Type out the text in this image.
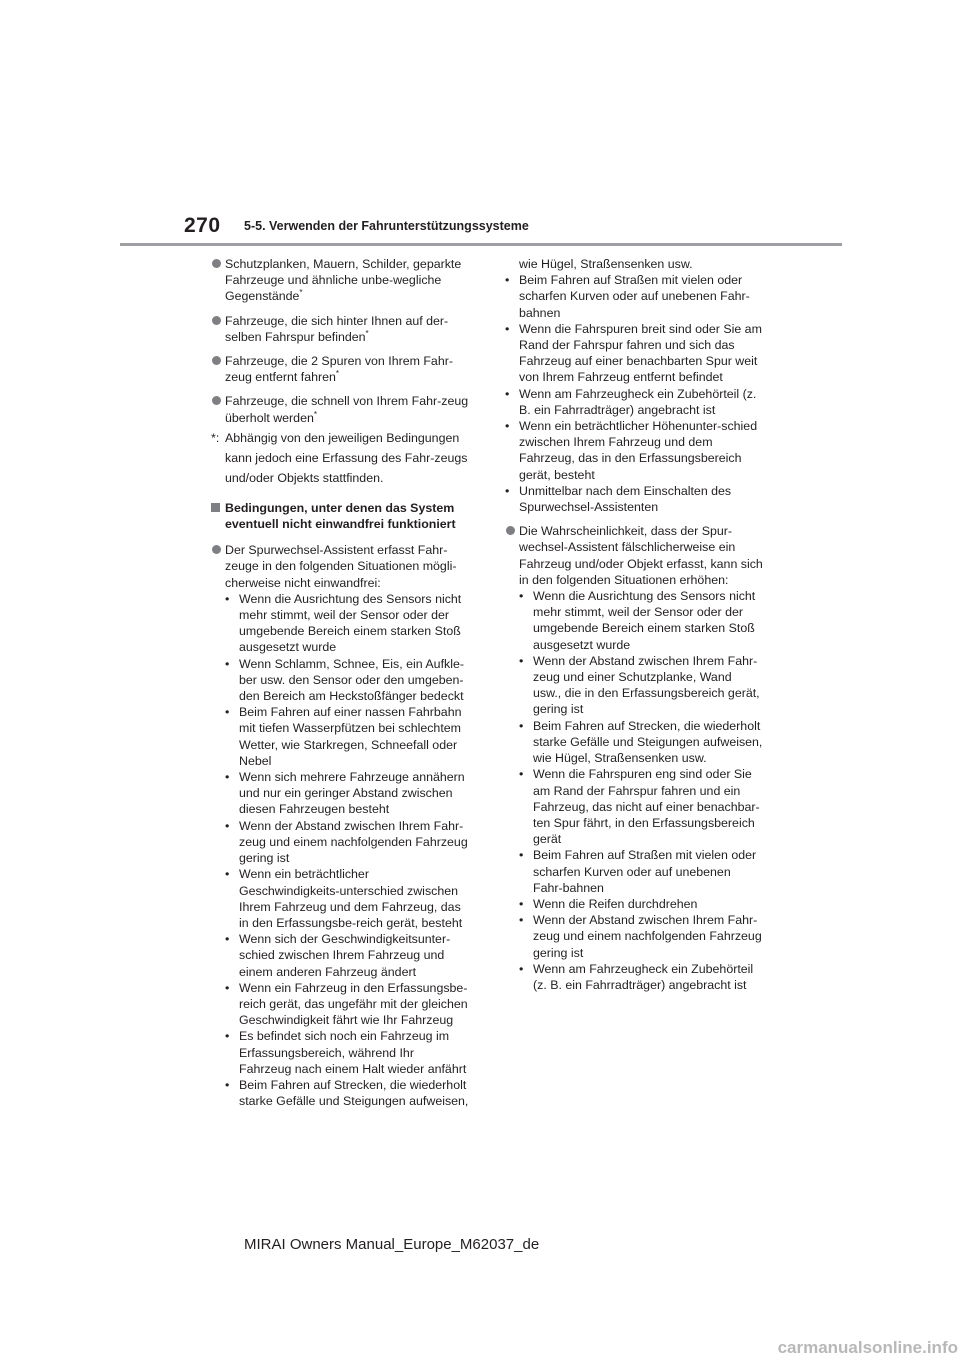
270 5-5. Verwenden der Fahrunterstützungssysteme
Schutzplanken, Mauern, Schilder, geparkte Fahrzeuge und ähnliche unbe-wegliche Gegenstände*
Fahrzeuge, die sich hinter Ihnen auf der-selben Fahrspur befinden*
Fahrzeuge, die 2 Spuren von Ihrem Fahr-zeug entfernt fahren*
Fahrzeuge, die schnell von Ihrem Fahr-zeug überholt werden*
*: Abhängig von den jeweiligen Bedingungen kann jedoch eine Erfassung des Fahr-zeugs und/oder Objekts stattfinden.
Bedingungen, unter denen das System eventuell nicht einwandfrei funktioniert
Der Spurwechsel-Assistent erfasst Fahr-zeuge in den folgenden Situationen mögli-cherweise nicht einwandfrei:
• Wenn die Ausrichtung des Sensors nicht mehr stimmt, weil der Sensor oder der umgebende Bereich einem starken Stoß ausgesetzt wurde
• Wenn Schlamm, Schnee, Eis, ein Aufkle-ber usw. den Sensor oder den umgeben-den Bereich am Heckstoßfänger bedeckt
• Beim Fahren auf einer nassen Fahrbahn mit tiefen Wasserpfützen bei schlechtem Wetter, wie Starkregen, Schneefall oder Nebel
• Wenn sich mehrere Fahrzeuge annähern und nur ein geringer Abstand zwischen diesen Fahrzeugen besteht
• Wenn der Abstand zwischen Ihrem Fahr-zeug und einem nachfolgenden Fahrzeug gering ist
• Wenn ein beträchtlicher Geschwindigkeits-unterschied zwischen Ihrem Fahrzeug und dem Fahrzeug, das in den Erfassungsbe-reich gerät, besteht
• Wenn sich der Geschwindigkeitsunter-schied zwischen Ihrem Fahrzeug und einem anderen Fahrzeug ändert
• Wenn ein Fahrzeug in den Erfassungsbe-reich gerät, das ungefähr mit der gleichen Geschwindigkeit fährt wie Ihr Fahrzeug
• Es befindet sich noch ein Fahrzeug im Erfassungsbereich, während Ihr Fahrzeug nach einem Halt wieder anfährt
• Beim Fahren auf Strecken, die wiederholt starke Gefälle und Steigungen aufweisen,
wie Hügel, Straßensenken usw.
• Beim Fahren auf Straßen mit vielen oder scharfen Kurven oder auf unebenen Fahr-bahnen
• Wenn die Fahrspuren breit sind oder Sie am Rand der Fahrspur fahren und sich das Fahrzeug auf einer benachbarten Spur weit von Ihrem Fahrzeug entfernt befindet
• Wenn am Fahrzeugheck ein Zubehörteil (z. B. ein Fahrradträger) angebracht ist
• Wenn ein beträchtlicher Höhenunter-schied zwischen Ihrem Fahrzeug und dem Fahrzeug, das in den Erfassungsbereich gerät, besteht
• Unmittelbar nach dem Einschalten des Spurwechsel-Assistenten
Die Wahrscheinlichkeit, dass der Spur-wechsel-Assistent fälschlicherweise ein Fahrzeug und/oder Objekt erfasst, kann sich in den folgenden Situationen erhöhen:
• Wenn die Ausrichtung des Sensors nicht mehr stimmt, weil der Sensor oder der umgebende Bereich einem starken Stoß ausgesetzt wurde
• Wenn der Abstand zwischen Ihrem Fahr-zeug und einer Schutzplanke, Wand usw., die in den Erfassungsbereich gerät, gering ist
• Beim Fahren auf Strecken, die wiederholt starke Gefälle und Steigungen aufweisen, wie Hügel, Straßensenken usw.
• Wenn die Fahrspuren eng sind oder Sie am Rand der Fahrspur fahren und ein Fahrzeug, das nicht auf einer benachbar-ten Spur fährt, in den Erfassungsbereich gerät
• Beim Fahren auf Straßen mit vielen oder scharfen Kurven oder auf unebenen Fahr-bahnen
• Wenn die Reifen durchdrehen
• Wenn der Abstand zwischen Ihrem Fahr-zeug und einem nachfolgenden Fahrzeug gering ist
• Wenn am Fahrzeugheck ein Zubehörteil (z. B. ein Fahrradträger) angebracht ist
MIRAI Owners Manual_Europe_M62037_de
carmanualsonline.info
